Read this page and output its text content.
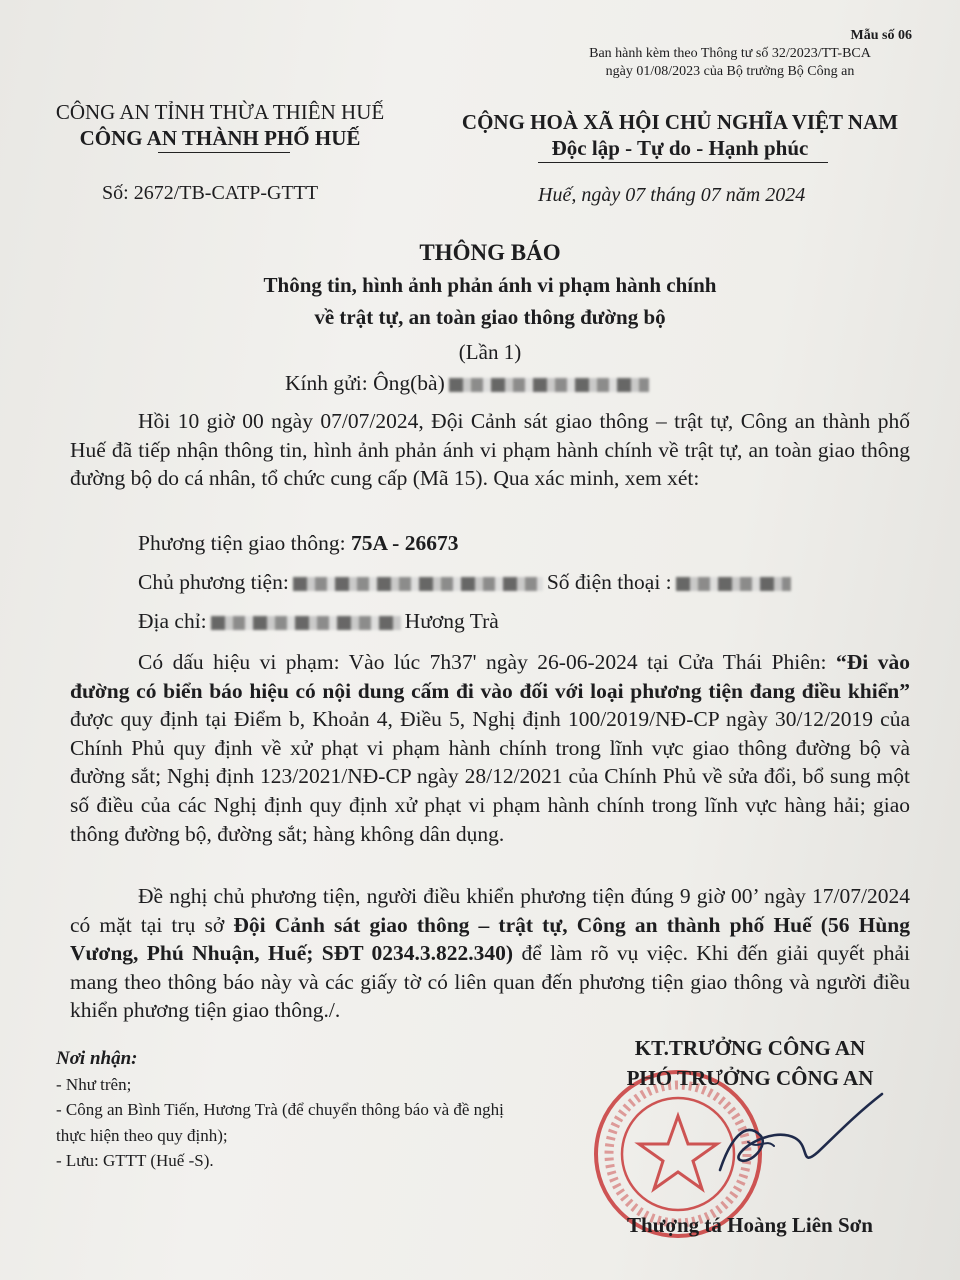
Mẫu số 06
Ban hành kèm theo Thông tư số 32/2023/TT-BCA
ngày 01/08/2023 của Bộ trưởng Bộ Công an
CÔNG AN TỈNH THỪA THIÊN HUẾ
CÔNG AN THÀNH PHỐ HUẾ
CỘNG HOÀ XÃ HỘI CHỦ NGHĨA VIỆT NAM
Độc lập - Tự do - Hạnh phúc
Số: 2672/TB-CATP-GTTT	Huế, ngày 07 tháng 07 năm 2024
THÔNG BÁO
Thông tin, hình ảnh phản ánh vi phạm hành chính
về trật tự, an toàn giao thông đường bộ
(Lần 1)
Kính gửi: Ông(bà)

Hồi 10 giờ 00 ngày 07/07/2024, Đội Cảnh sát giao thông – trật tự, Công an thành phố Huế đã tiếp nhận thông tin, hình ảnh phản ánh vi phạm hành chính về trật tự, an toàn giao thông đường bộ do cá nhân, tổ chức cung cấp (Mã 15). Qua xác minh, xem xét:

Phương tiện giao thông: 75A - 26673
Chủ phương tiện:	Số điện thoại :
Địa chỉ:	Hương Trà

Có dấu hiệu vi phạm: Vào lúc 7h37' ngày 26-06-2024 tại Cửa Thái Phiên: “Đi vào đường có biển báo hiệu có nội dung cấm đi vào đối với loại phương tiện đang điều khiển” được quy định tại Điểm b, Khoản 4, Điều 5, Nghị định 100/2019/NĐ-CP ngày 30/12/2019 của Chính Phủ quy định về xử phạt vi phạm hành chính trong lĩnh vực giao thông đường bộ và đường sắt; Nghị định 123/2021/NĐ-CP ngày 28/12/2021 của Chính Phủ về sửa đổi, bổ sung một số điều của các Nghị định quy định xử phạt vi phạm hành chính trong lĩnh vực hàng hải; giao thông đường bộ, đường sắt; hàng không dân dụng.

Đề nghị chủ phương tiện, người điều khiển phương tiện đúng 9 giờ 00’ ngày 17/07/2024 có mặt tại trụ sở Đội Cảnh sát giao thông – trật tự, Công an thành phố Huế (56 Hùng Vương, Phú Nhuận, Huế; SĐT 0234.3.822.340) để làm rõ vụ việc. Khi đến giải quyết phải mang theo thông báo này và các giấy tờ có liên quan đến phương tiện giao thông và người điều khiển phương tiện giao thông./.

Nơi nhận:
- Như trên;
- Công an Bình Tiến, Hương Trà (để chuyển thông báo và đề nghị thực hiện theo quy định);
- Lưu: GTTT (Huế -S).
KT.TRƯỞNG CÔNG AN
PHÓ TRƯỞNG CÔNG AN
Thượng tá Hoàng Liên Sơn
